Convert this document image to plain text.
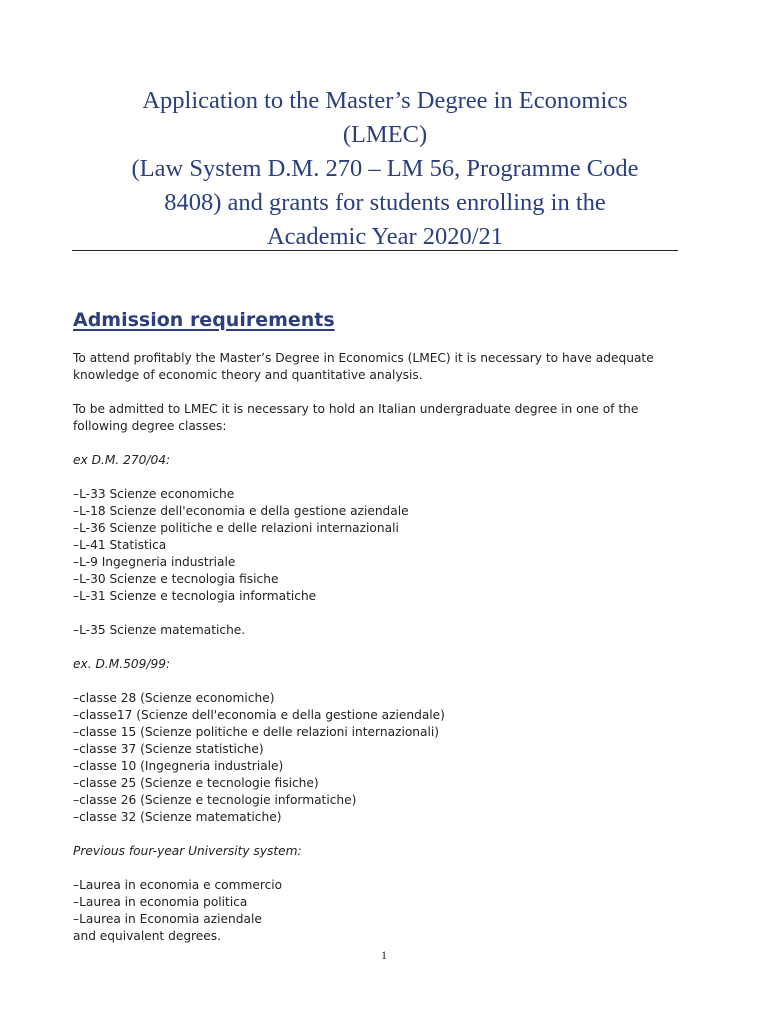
Application to the Master’s Degree in Economics
(LMEC)
(Law System D.M. 270 – LM 56, Programme Code
8408) and grants for students enrolling in the
Academic Year 2020/21
Admission requirements

To attend profitably the Master’s Degree in Economics (LMEC) it is necessary to have adequate
knowledge of economic theory and quantitative analysis.

To be admitted to LMEC it is necessary to hold an Italian undergraduate degree in one of the
following degree classes:

ex D.M. 270/04:

–L-33 Scienze economiche
–L-18 Scienze dell'economia e della gestione aziendale
–L-36 Scienze politiche e delle relazioni internazionali
–L-41 Statistica
–L-9 Ingegneria industriale
–L-30 Scienze e tecnologia fisiche
–L-31 Scienze e tecnologia informatiche

–L-35 Scienze matematiche.

ex. D.M.509/99:

–classe 28 (Scienze economiche)
–classe17 (Scienze dell'economia e della gestione aziendale)
–classe 15 (Scienze politiche e delle relazioni internazionali)
–classe 37 (Scienze statistiche)
–classe 10 (Ingegneria industriale)
–classe 25 (Scienze e tecnologie fisiche)
–classe 26 (Scienze e tecnologie informatiche)
–classe 32 (Scienze matematiche)

Previous four-year University system:

–Laurea in economia e commercio
–Laurea in economia politica
–Laurea in Economia aziendale
and equivalent degrees.
1
